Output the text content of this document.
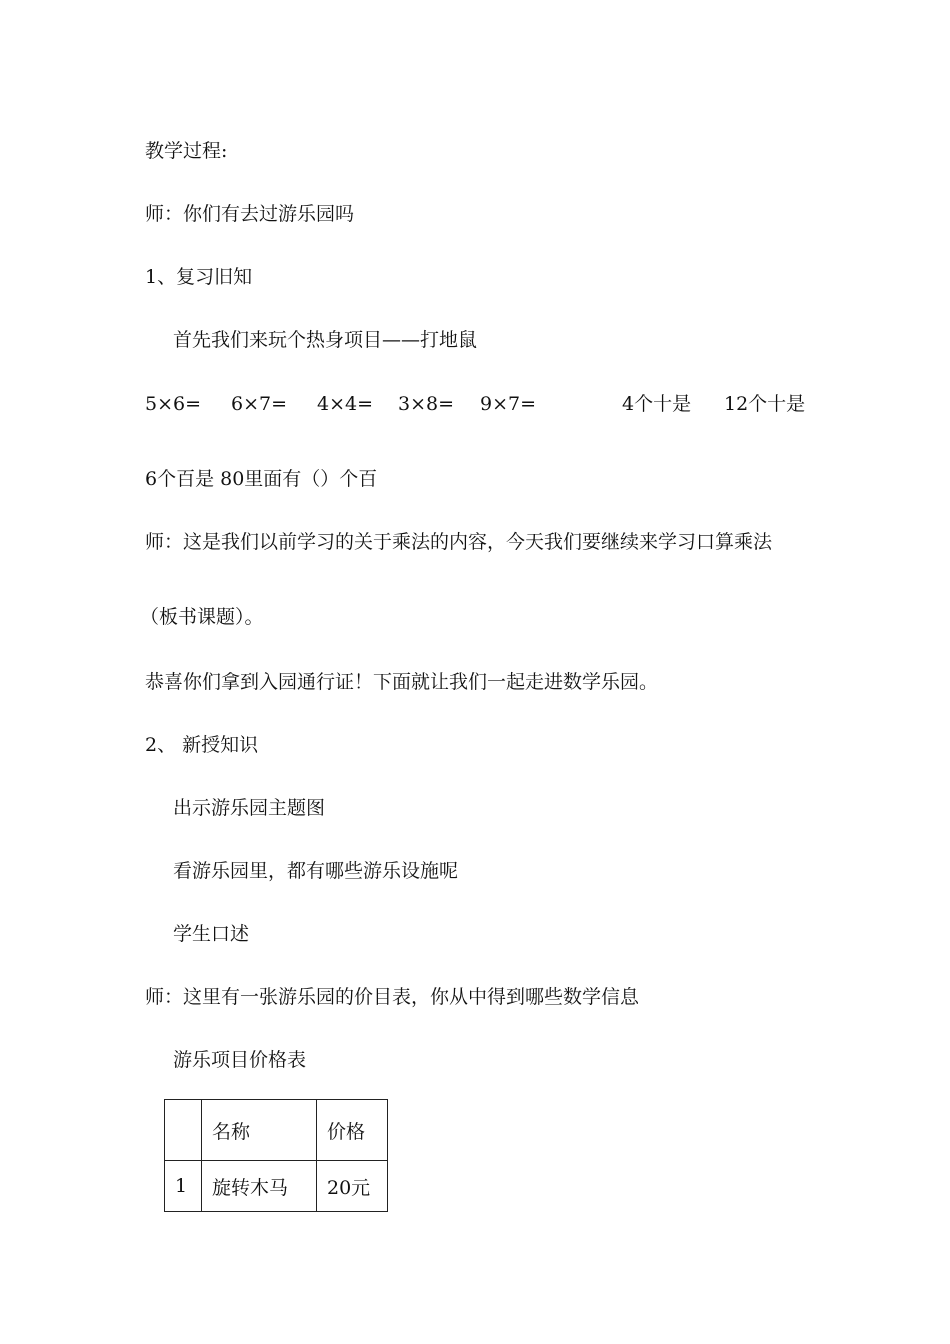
教学过程:
师：你们有去过游乐园吗
1、复习旧知
首先我们来玩个热身项目——打地鼠
5×6= 6×7= 4×4= 3×8= 9×7=	4个十是 12个十是
6个百是 80里面有（）个百
师：这是我们以前学习的关于乘法的内容，今天我们要继续来学习口算乘法
（板书课题）。
恭喜你们拿到入园通行证！下面就让我们一起走进数学乐园。
2、 新授知识
出示游乐园主题图
看游乐园里，都有哪些游乐设施呢
学生口述
师：这里有一张游乐园的价目表，你从中得到哪些数学信息
游乐项目价格表
	名称	价格
1	旋转木马	20元
